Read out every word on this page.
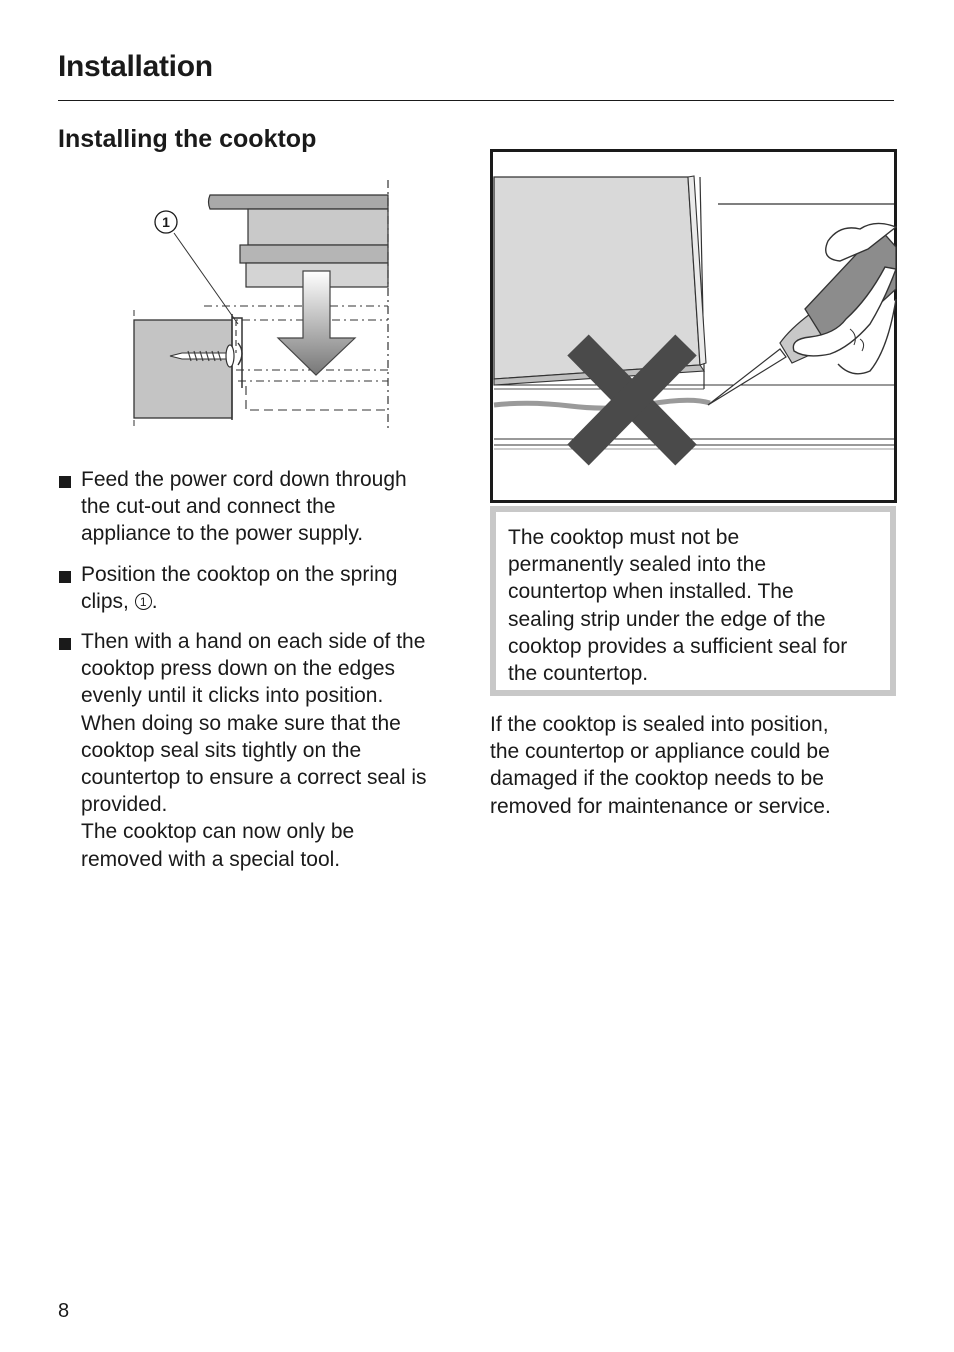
Installation
Installing the cooktop
1
Feed the power cord down through
the cut-out and connect the
appliance to the power supply.
Position the cooktop on the spring
clips, 1 .
Then with a hand on each side of the
cooktop press down on the edges
evenly until it clicks into position.
When doing so make sure that the
cooktop seal sits tightly on the
countertop to ensure a correct seal is
provided.
The cooktop can now only be
removed with a special tool.
The cooktop must not be
permanently sealed into the
countertop when installed. The
sealing strip under the edge of the
cooktop provides a sufficient seal for
the countertop.
If the cooktop is sealed into position,
the countertop or appliance could be
damaged if the cooktop needs to be
removed for maintenance or service.
8
